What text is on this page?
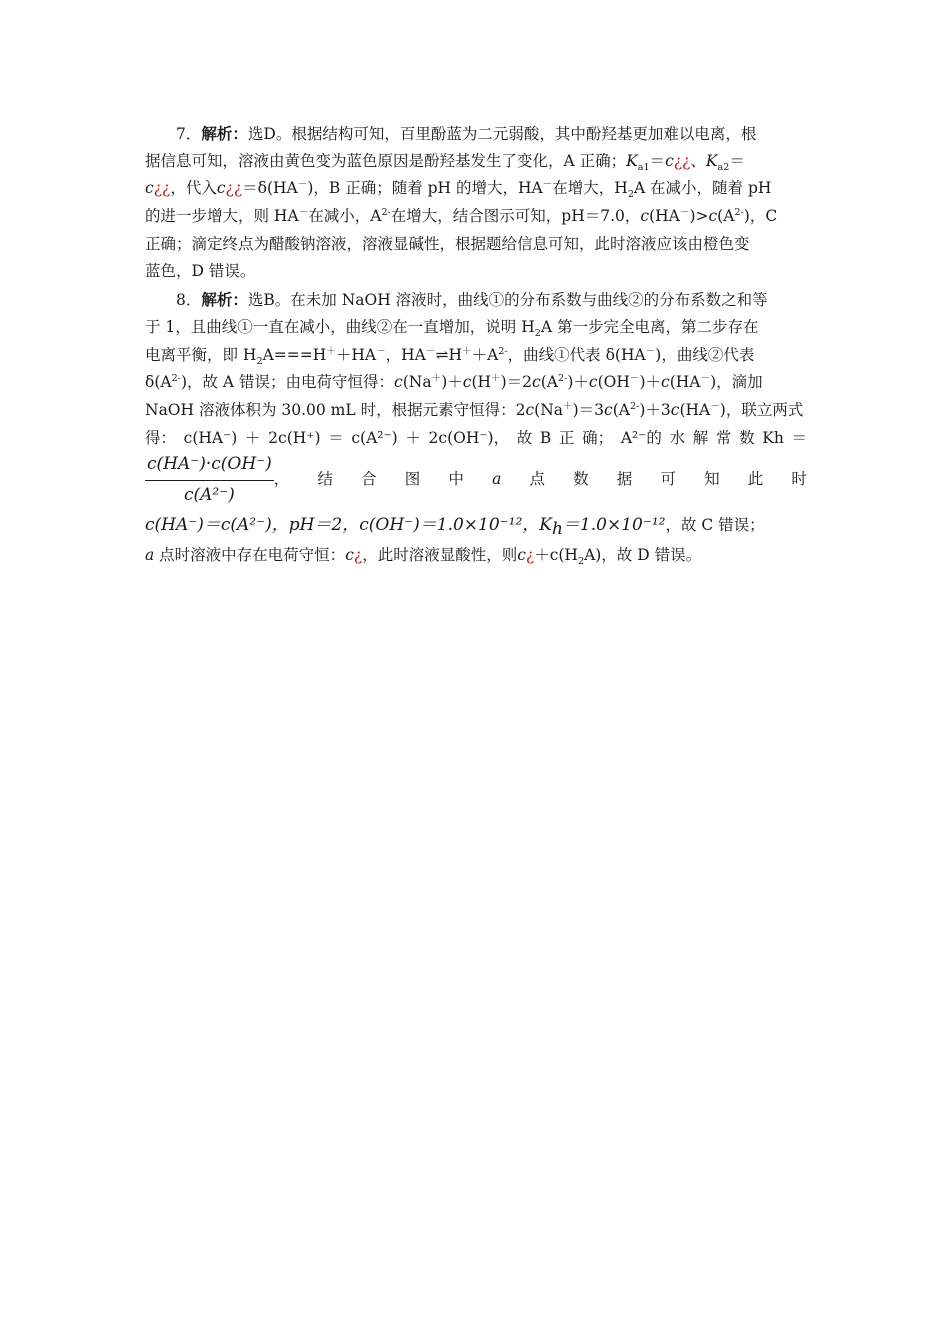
7．解析：选D。根据结构可知，百里酚蓝为二元弱酸，其中酚羟基更加难以电离，根
据信息可知，溶液由黄色变为蓝色原因是酚羟基发生了变化，A 正确；$K_{a1}=c¿¿$、$K_{a2}=$
c¿¿，代入c¿¿＝δ(HA－)，B 正确；随着 pH 的增大，HA－在增大，$H_2A$ 在减小，随着 pH
的进一步增大，则 HA－在减小，$A^{2-}$在增大，结合图示可知，pH＝7.0，$c(HA^-)>c(A^{2-})$，C
正确；滴定终点为醋酸钠溶液，溶液显碱性，根据题给信息可知，此时溶液应该由橙色变
蓝色，D 错误。
8．解析：选B。在未加 NaOH 溶液时，曲线①的分布系数与曲线②的分布系数之和等
于 1，且曲线①一直在减小，曲线②在一直增加，说明 $H_2A$ 第一步完全电离，第二步存在
电离平衡，即 $H_2A===H^++HA^-$，$HA^-\rightleftharpoons H^++A^{2-}$，曲线①代表 δ(HA－)，曲线②代表
$\delta(A^{2-})$，故 A 错误；由电荷守恒得：$c(Na^+)+c(H^+)=2c(A^{2-})+c(OH^-)+c(HA^-)$，滴加
NaOH 溶液体积为 30.00 mL 时，根据元素守恒得：$2c(Na^+)=3c(A^{2-})+3c(HA^-)$，联立两式
得： c(HA⁻) ＋ 2c(H⁺) ＝ c(A²⁻) ＋ 2c(OH⁻)， 故 B 正 确； A²⁻的 水 解 常 数 Kh ＝
$\frac{c(HA^-)\cdot c(OH^-)}{\text{c(A²⁻)}}$ ， 结 合 图 中 a 点 数 据 可 知 此 时
c(HA⁻)＝c(A²⁻)，pH＝2，c(OH⁻)＝1.0×10⁻¹²，$K_h=1.0\times 10^{-12}$，故 C 错误；
a 点时溶液中存在电荷守恒：c¿，此时溶液显酸性，则$c¿+c(H_2A)$，故 D 错误。
